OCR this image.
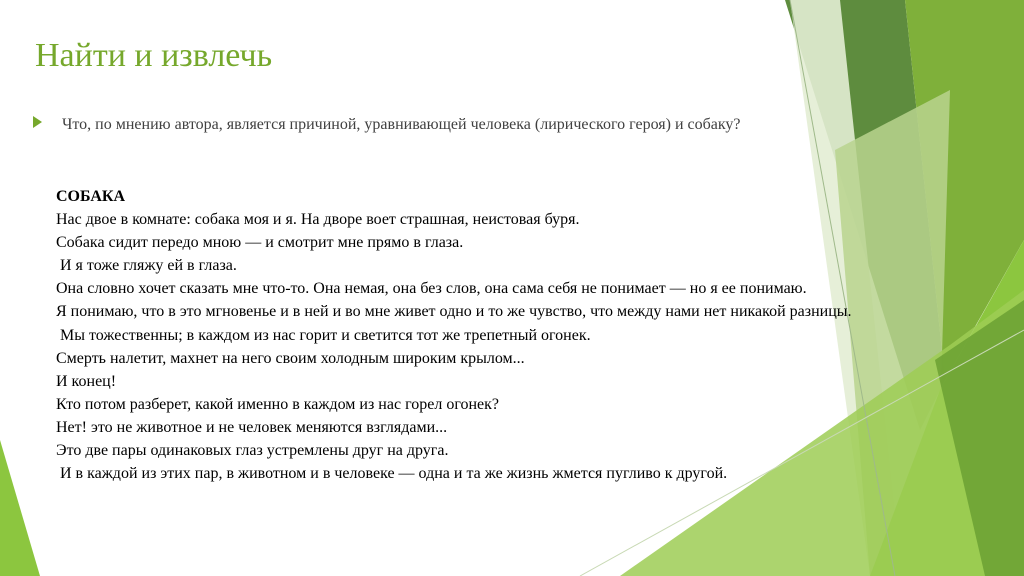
Найти и извлечь

Что, по мнению автора, является причиной, уравнивающей человека (лирического героя) и собаку?

СОБАКА

Нас двое в комнате: собака моя и я. На дворе воет страшная, неистовая буря.

Собака сидит передо мною — и смотрит мне прямо в глаза.

И я тоже гляжу ей в глаза.

Она словно хочет сказать мне что-то. Она немая, она без слов, она сама себя не понимает — но я ее понимаю.

Я понимаю, что в это мгновенье и в ней и во мне живет одно и то же чувство, что между нами нет никакой разницы.

Мы тожественны; в каждом из нас горит и светится тот же трепетный огонек.

Смерть налетит, махнет на него своим холодным широким крылом...

И конец!

Кто потом разберет, какой именно в каждом из нас горел огонек?

Нет! это не животное и не человек меняются взглядами...

Это две пары одинаковых глаз устремлены друг на друга.

И в каждой из этих пар, в животном и в человеке — одна и та же жизнь жмется пугливо к другой.
